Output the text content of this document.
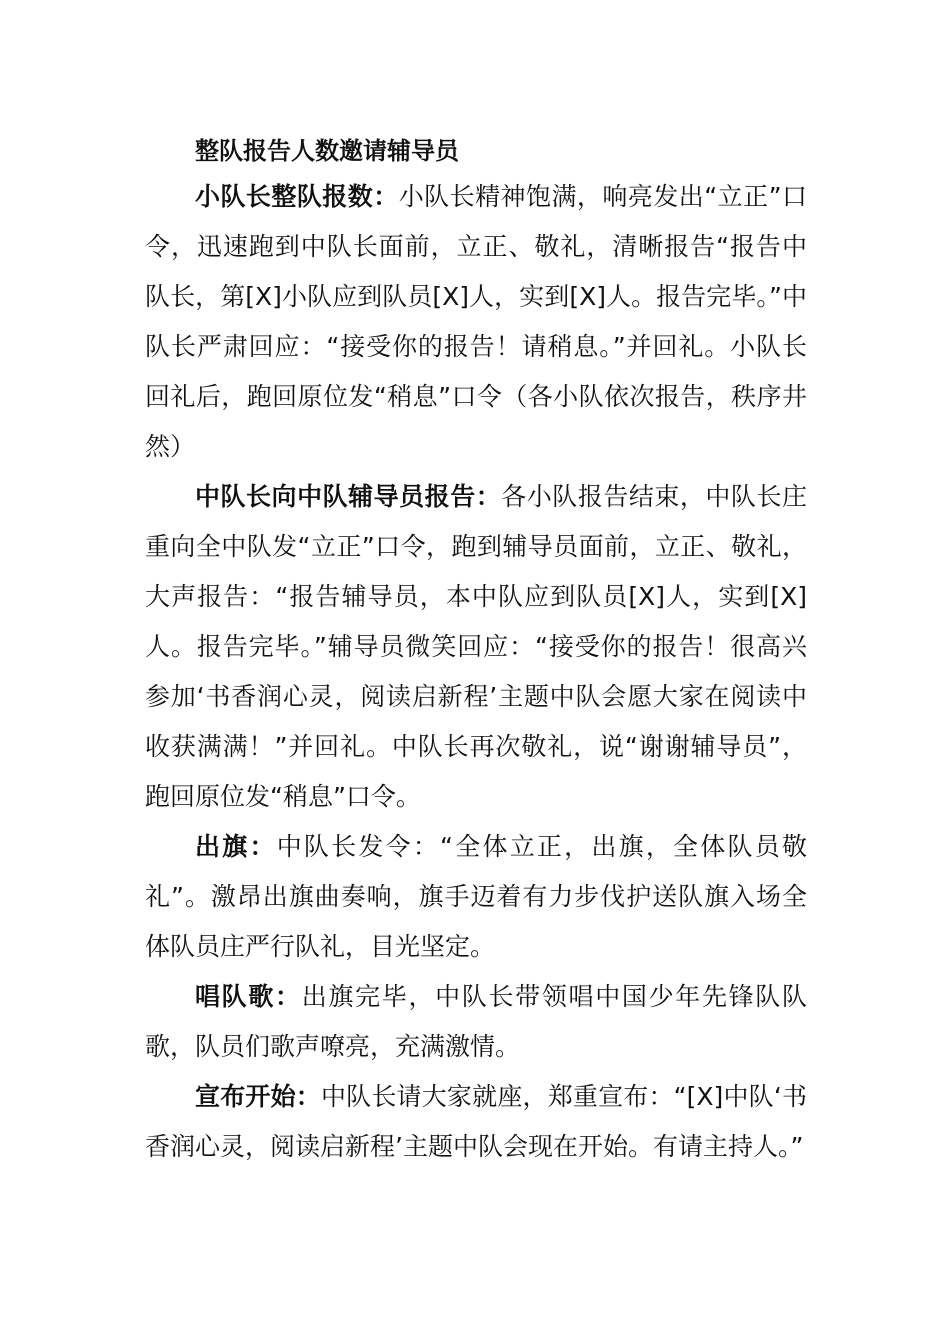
整队报告人数邀请辅导员

小队长整队报数：小队长精神饱满，响亮发出“立正”口令，迅速跑到中队长面前，立正、敬礼，清晰报告“报告中队长，第[X]小队应到队员[X]人，实到[X]人。报告完毕。”中队长严肃回应：“接受你的报告！请稍息。”并回礼。小队长回礼后，跑回原位发“稍息”口令（各小队依次报告，秩序井然）

中队长向中队辅导员报告：各小队报告结束，中队长庄重向全中队发“立正”口令，跑到辅导员面前，立正、敬礼，大声报告：“报告辅导员，本中队应到队员[X]人，实到[X]人。报告完毕。”辅导员微笑回应：“接受你的报告！很高兴参加‘书香润心灵，阅读启新程’主题中队会愿大家在阅读中收获满满！”并回礼。中队长再次敬礼，说“谢谢辅导员”，跑回原位发“稍息”口令。

出旗：中队长发令：“全体立正，出旗，全体队员敬礼”。激昂出旗曲奏响，旗手迈着有力步伐护送队旗入场全体队员庄严行队礼，目光坚定。

唱队歌：出旗完毕，中队长带领唱中国少年先锋队队歌，队员们歌声嘹亮，充满激情。

宣布开始：中队长请大家就座，郑重宣布：“[X]中队‘书香润心灵，阅读启新程’主题中队会现在开始。有请主持人。”
